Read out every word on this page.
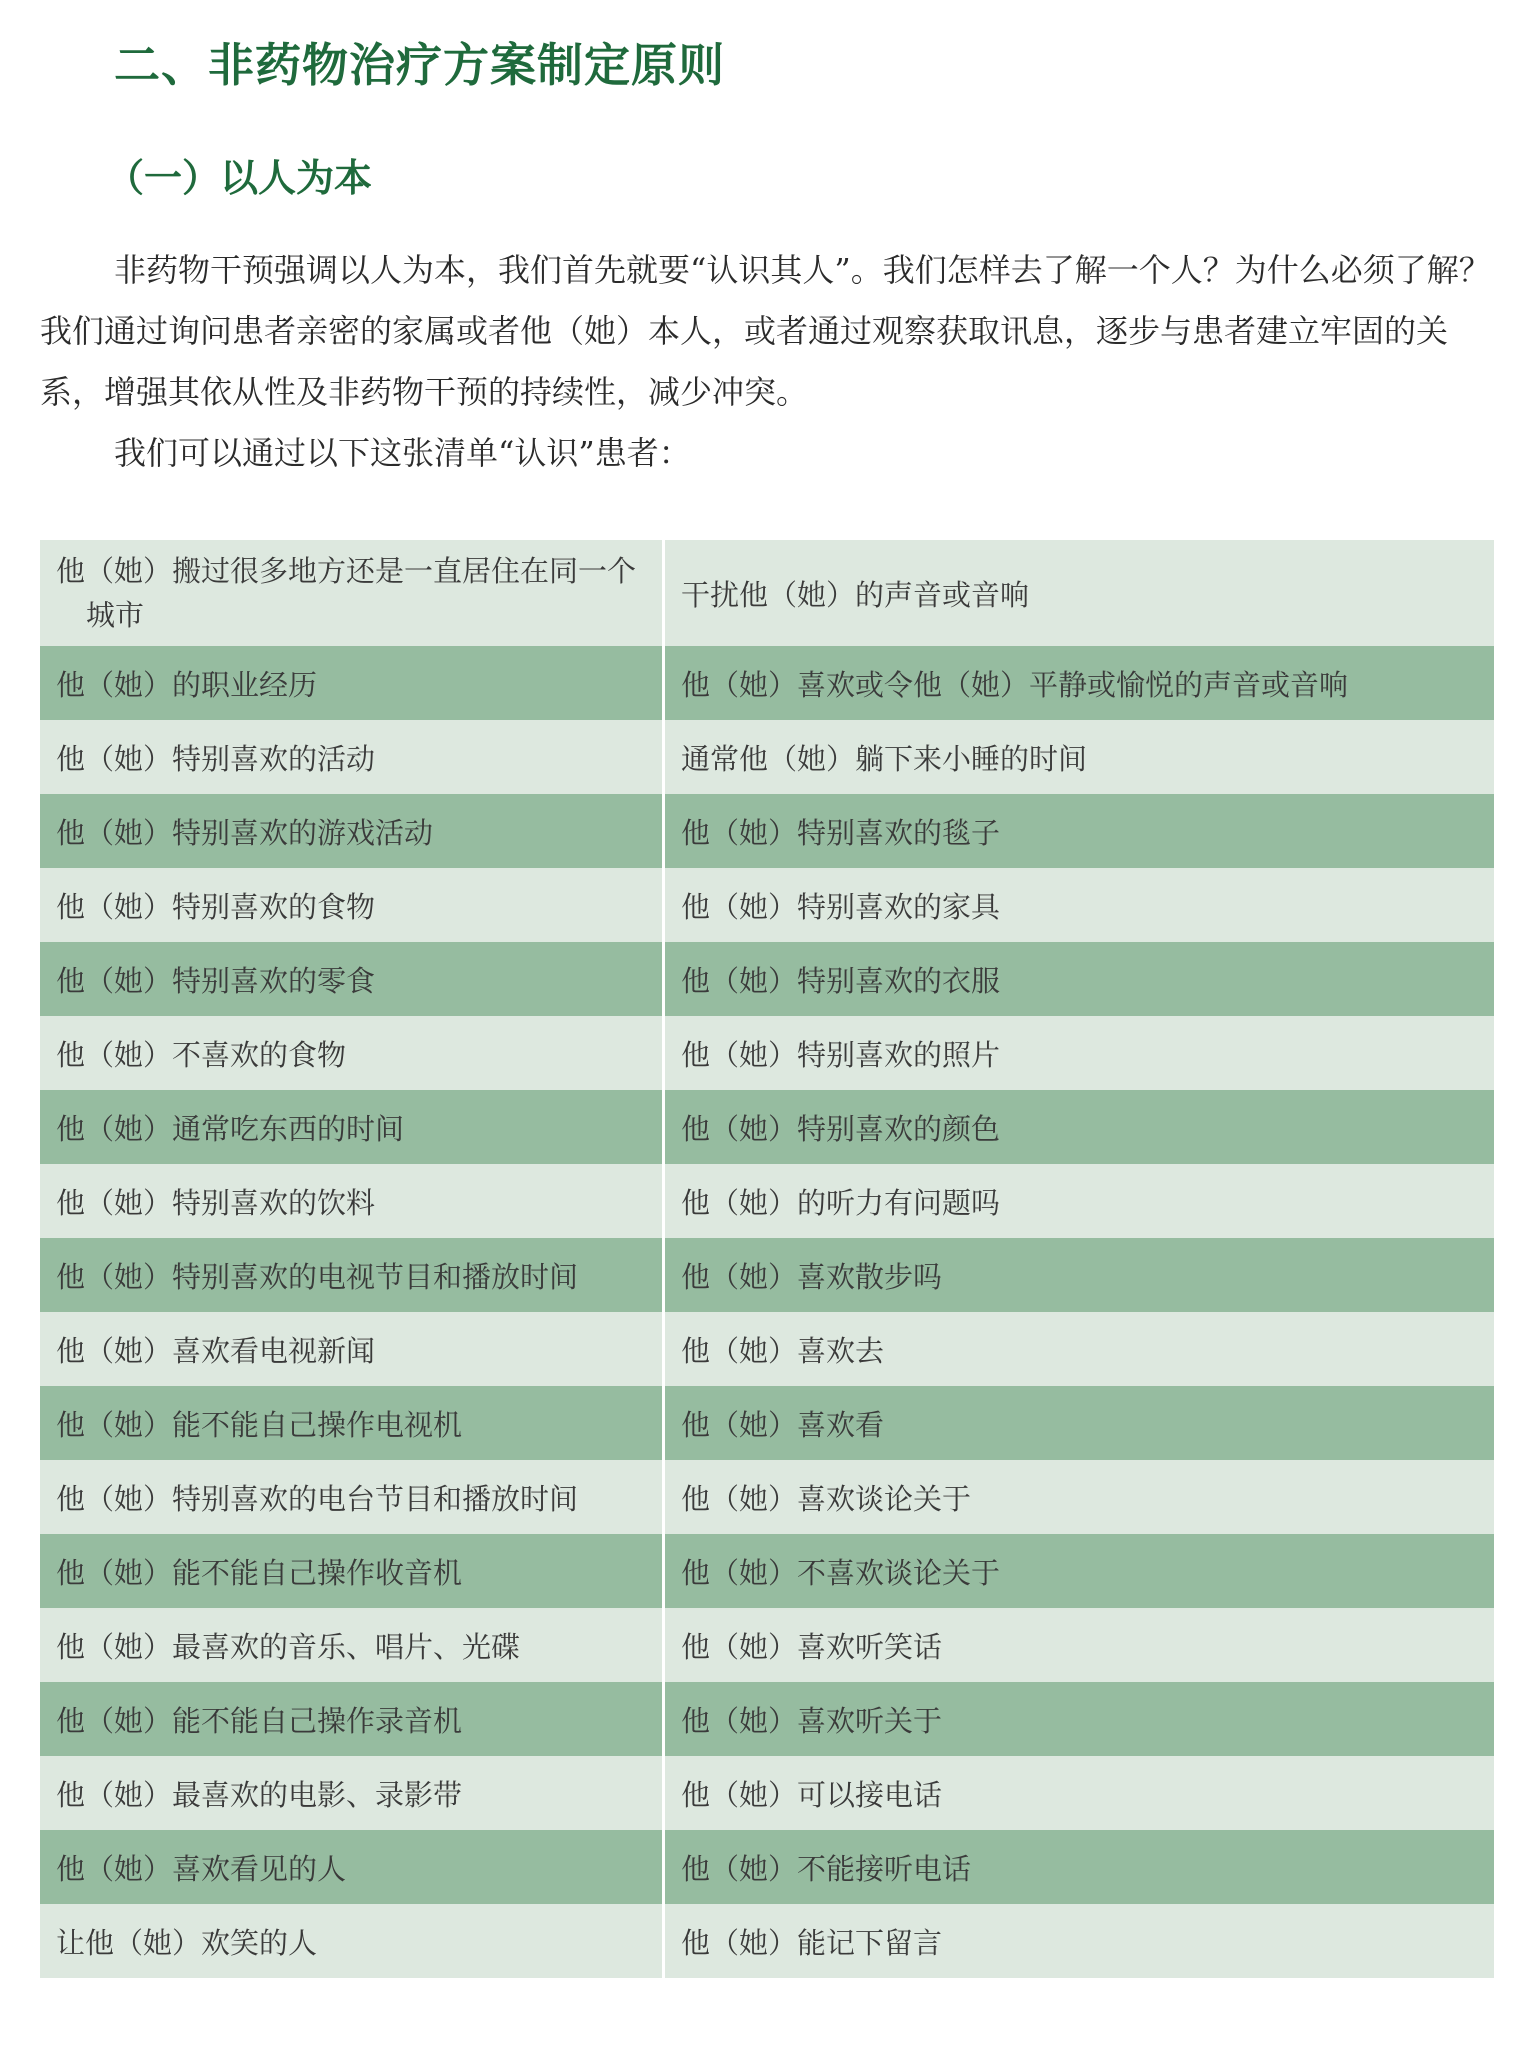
二、非药物治疗方案制定原则
（一）以人为本

非药物干预强调以人为本，我们首先就要“认识其人”。我们怎样去了解一个人？为什么必须了解？我们通过询问患者亲密的家属或者他（她）本人，或者通过观察获取讯息，逐步与患者建立牢固的关系，增强其依从性及非药物干预的持续性，减少冲突。

我们可以通过以下这张清单“认识”患者：

他（她）搬过很多地方还是一直居住在同一个城市	干扰他（她）的声音或音响
他（她）的职业经历	他（她）喜欢或令他（她）平静或愉悦的声音或音响
他（她）特别喜欢的活动	通常他（她）躺下来小睡的时间
他（她）特别喜欢的游戏活动	他（她）特别喜欢的毯子
他（她）特别喜欢的食物	他（她）特别喜欢的家具
他（她）特别喜欢的零食	他（她）特别喜欢的衣服
他（她）不喜欢的食物	他（她）特别喜欢的照片
他（她）通常吃东西的时间	他（她）特别喜欢的颜色
他（她）特别喜欢的饮料	他（她）的听力有问题吗
他（她）特别喜欢的电视节目和播放时间	他（她）喜欢散步吗
他（她）喜欢看电视新闻	他（她）喜欢去
他（她）能不能自己操作电视机	他（她）喜欢看
他（她）特别喜欢的电台节目和播放时间	他（她）喜欢谈论关于
他（她）能不能自己操作收音机	他（她）不喜欢谈论关于
他（她）最喜欢的音乐、唱片、光碟	他（她）喜欢听笑话
他（她）能不能自己操作录音机	他（她）喜欢听关于
他（她）最喜欢的电影、录影带	他（她）可以接电话
他（她）喜欢看见的人	他（她）不能接听电话
让他（她）欢笑的人	他（她）能记下留言
